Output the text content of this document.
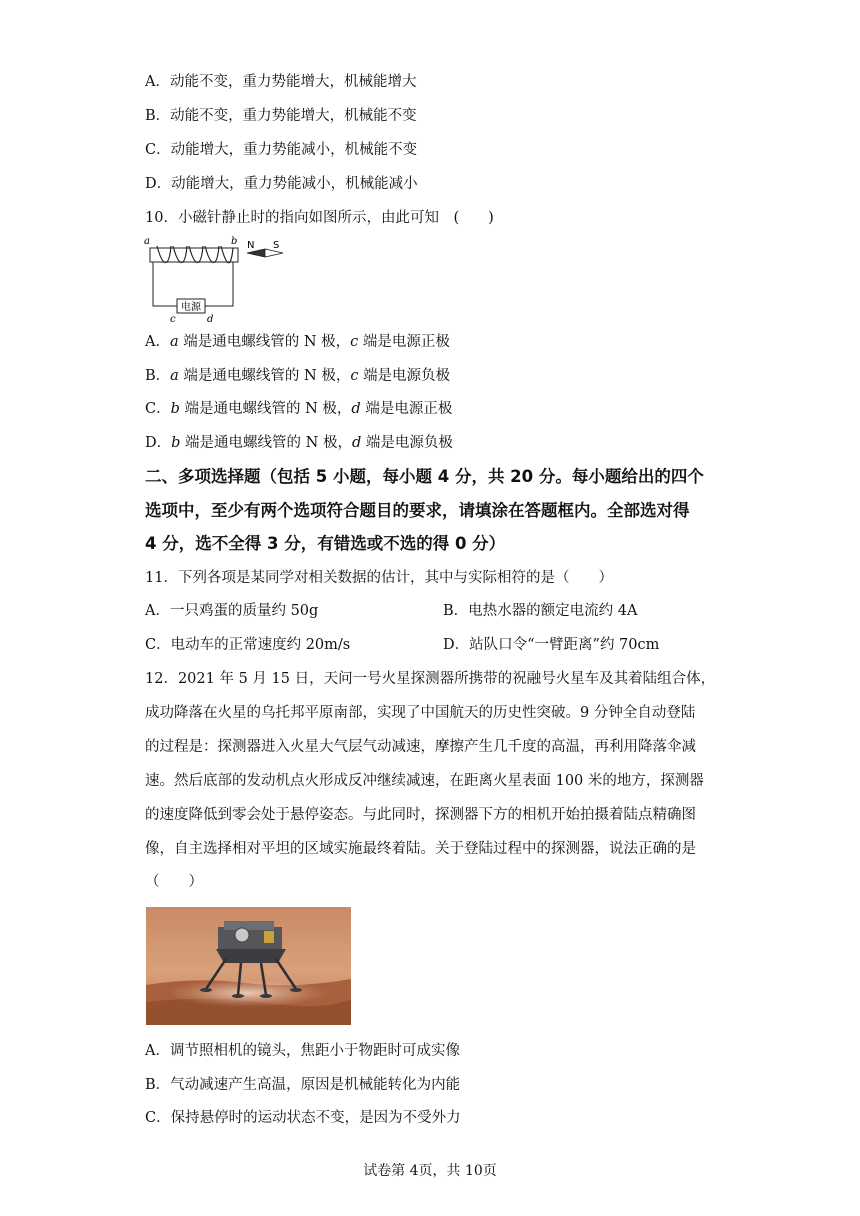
A．动能不变，重力势能增大，机械能增大
B．动能不变，重力势能增大，机械能不变
C．动能增大，重力势能减小，机械能不变
D．动能增大，重力势能减小，机械能减小
10．小磁针静止时的指向如图所示，由此可知　(　　)
a	b
电源
c	d
N S
A．a 端是通电螺线管的 N 极，c 端是电源正极
B．a 端是通电螺线管的 N 极，c 端是电源负极
C．b 端是通电螺线管的 N 极，d 端是电源正极
D．b 端是通电螺线管的 N 极，d 端是电源负极
二、多项选择题（包括 5 小题，每小题 4 分，共 20 分。每小题给出的四个
选项中，至少有两个选项符合题目的要求，请填涂在答题框内。全部选对得
4 分，选不全得 3 分，有错选或不选的得 0 分）
11．下列各项是某同学对相关数据的估计，其中与实际相符的是（　　）
A．一只鸡蛋的质量约 50g	B．电热水器的额定电流约 4A
C．电动车的正常速度约 20m/s	D．站队口令“一臂距离”约 70cm
12．2021 年 5 月 15 日，天问一号火星探测器所携带的祝融号火星车及其着陆组合体，
成功降落在火星的乌托邦平原南部，实现了中国航天的历史性突破。9 分钟全自动登陆
的过程是：探测器进入火星大气层气动减速，摩擦产生几千度的高温，再利用降落伞减
速。然后底部的发动机点火形成反冲继续减速，在距离火星表面 100 米的地方，探测器
的速度降低到零会处于悬停姿态。与此同时，探测器下方的相机开始拍摄着陆点精确图
像，自主选择相对平坦的区域实施最终着陆。关于登陆过程中的探测器，说法正确的是
（　　）
A．调节照相机的镜头，焦距小于物距时可成实像
B．气动减速产生高温，原因是机械能转化为内能
C．保持悬停时的运动状态不变，是因为不受外力
试卷第 4页，共 10页
